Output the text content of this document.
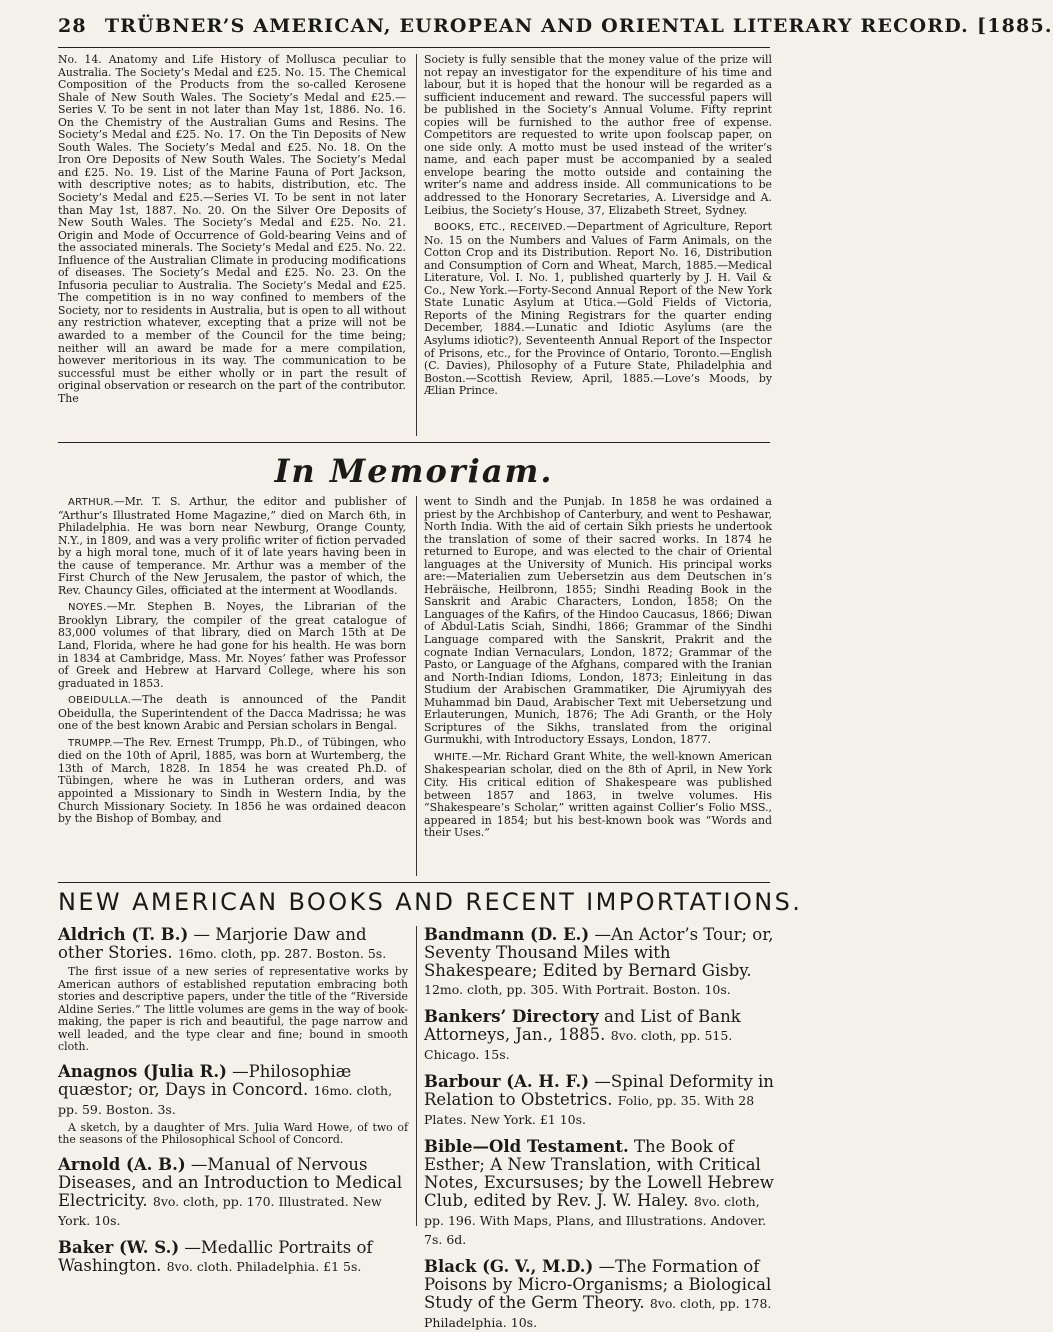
28 TRÜBNER’S AMERICAN, EUROPEAN AND ORIENTAL LITERARY RECORD. [1885.

No. 14. Anatomy and Life History of Mollusca peculiar to Australia. The Society’s Medal and £25. No. 15. The Chemical Composition of the Products from the so-called Kerosene Shale of New South Wales. The Society’s Medal and £25.—Series V. To be sent in not later than May 1st, 1886. No. 16. On the Chemistry of the Australian Gums and Resins. The Society’s Medal and £25. No. 17. On the Tin Deposits of New South Wales. The Society’s Medal and £25. No. 18. On the Iron Ore Deposits of New South Wales. The Society’s Medal and £25. No. 19. List of the Marine Fauna of Port Jackson, with descriptive notes; as to habits, distribution, etc. The Society’s Medal and £25.—Series VI. To be sent in not later than May 1st, 1887. No. 20. On the Silver Ore Deposits of New South Wales. The Society’s Medal and £25. No. 21. Origin and Mode of Occurrence of Gold-bearing Veins and of the associated minerals. The Society’s Medal and £25. No. 22. Influence of the Australian Climate in producing modifications of diseases. The Society’s Medal and £25. No. 23. On the Infusoria peculiar to Australia. The Society’s Medal and £25. The competition is in no way confined to members of the Society, nor to residents in Australia, but is open to all without any restriction whatever, excepting that a prize will not be awarded to a member of the Council for the time being; neither will an award be made for a mere compilation, however meritorious in its way. The communication to be successful must be either wholly or in part the result of original observation or research on the part of the contributor. The

Society is fully sensible that the money value of the prize will not repay an investigator for the expenditure of his time and labour, but it is hoped that the honour will be regarded as a sufficient inducement and reward. The successful papers will be published in the Society’s Annual Volume. Fifty reprint copies will be furnished to the author free of expense. Competitors are requested to write upon foolscap paper, on one side only. A motto must be used instead of the writer’s name, and each paper must be accompanied by a sealed envelope bearing the motto outside and containing the writer’s name and address inside. All communications to be addressed to the Honorary Secretaries, A. Liversidge and A. Leibius, the Society’s House, 37, Elizabeth Street, Sydney.

BOOKS, ETC., RECEIVED.—Department of Agriculture, Report No. 15 on the Numbers and Values of Farm Animals, on the Cotton Crop and its Distribution. Report No. 16, Distribution and Consumption of Corn and Wheat, March, 1885.—Medical Literature, Vol. I. No. 1, published quarterly by J. H. Vail & Co., New York.—Forty-Second Annual Report of the New York State Lunatic Asylum at Utica.—Gold Fields of Victoria, Reports of the Mining Registrars for the quarter ending December, 1884.—Lunatic and Idiotic Asylums (are the Asylums idiotic?), Seventeenth Annual Report of the Inspector of Prisons, etc., for the Province of Ontario, Toronto.—English (C. Davies), Philosophy of a Future State, Philadelphia and Boston.—Scottish Review, April, 1885.—Love’s Moods, by Ælian Prince.

In Memoriam.

ARTHUR.—Mr. T. S. Arthur, the editor and publisher of “Arthur’s Illustrated Home Magazine,” died on March 6th, in Philadelphia. He was born near Newburg, Orange County, N.Y., in 1809, and was a very prolific writer of fiction pervaded by a high moral tone, much of it of late years having been in the cause of temperance. Mr. Arthur was a member of the First Church of the New Jerusalem, the pastor of which, the Rev. Chauncy Giles, officiated at the interment at Woodlands.

NOYES.—Mr. Stephen B. Noyes, the Librarian of the Brooklyn Library, the compiler of the great catalogue of 83,000 volumes of that library, died on March 15th at De Land, Florida, where he had gone for his health. He was born in 1834 at Cambridge, Mass. Mr. Noyes’ father was Professor of Greek and Hebrew at Harvard College, where his son graduated in 1853.

OBEIDULLA.—The death is announced of the Pandit Obeidulla, the Superintendent of the Dacca Madrissa; he was one of the best known Arabic and Persian scholars in Bengal.

TRUMPP.—The Rev. Ernest Trumpp, Ph.D., of Tübingen, who died on the 10th of April, 1885, was born at Wurtemberg, the 13th of March, 1828. In 1854 he was created Ph.D. of Tübingen, where he was in Lutheran orders, and was appointed a Missionary to Sindh in Western India, by the Church Missionary Society. In 1856 he was ordained deacon by the Bishop of Bombay, and

went to Sindh and the Punjab. In 1858 he was ordained a priest by the Archbishop of Canterbury, and went to Peshawar, North India. With the aid of certain Sikh priests he undertook the translation of some of their sacred works. In 1874 he returned to Europe, and was elected to the chair of Oriental languages at the University of Munich. His principal works are:—Materialien zum Uebersetzin aus dem Deutschen in’s Hebräische, Heilbronn, 1855; Sindhi Reading Book in the Sanskrit and Arabic Characters, London, 1858; On the Languages of the Kafirs, of the Hindoo Caucasus, 1866; Diwan of Abdul-Latis Sciah, Sindhi, 1866; Grammar of the Sindhi Language compared with the Sanskrit, Prakrit and the cognate Indian Vernaculars, London, 1872; Grammar of the Pasto, or Language of the Afghans, compared with the Iranian and North-Indian Idioms, London, 1873; Einleitung in das Studium der Arabischen Grammatiker, Die Ajrumiyyah des Muhammad bin Daud, Arabischer Text mit Uebersetzung und Erlauterungen, Munich, 1876; The Adi Granth, or the Holy Scriptures of the Sikhs, translated from the original Gurmukhi, with Introductory Essays, London, 1877.

WHITE.—Mr. Richard Grant White, the well-known American Shakespearian scholar, died on the 8th of April, in New York City. His critical edition of Shakespeare was published between 1857 and 1863, in twelve volumes. His “Shakespeare’s Scholar,” written against Collier’s Folio MSS., appeared in 1854; but his best-known book was “Words and their Uses.”

NEW AMERICAN BOOKS AND RECENT IMPORTATIONS.
Aldrich (T. B.) — Marjorie Daw and other Stories. 16mo. cloth, pp. 287. Boston. 5s.
The first issue of a new series of representative works by American authors of established reputation embracing both stories and descriptive papers, under the title of the “Riverside Aldine Series.” The little volumes are gems in the way of book-making, the paper is rich and beautiful, the page narrow and well leaded, and the type clear and fine; bound in smooth cloth.
Anagnos (Julia R.) —Philosophiæ quæstor; or, Days in Concord. 16mo. cloth, pp. 59. Boston. 3s.
A sketch, by a daughter of Mrs. Julia Ward Howe, of two of the seasons of the Philosophical School of Concord.
Arnold (A. B.) —Manual of Nervous Diseases, and an Introduction to Medical Electricity. 8vo. cloth, pp. 170. Illustrated. New York. 10s.
Baker (W. S.) —Medallic Portraits of Washington. 8vo. cloth. Philadelphia. £1 5s.
Bandmann (D. E.) —An Actor’s Tour; or, Seventy Thousand Miles with Shakespeare; Edited by Bernard Gisby. 12mo. cloth, pp. 305. With Portrait. Boston. 10s.
Bankers’ Directory and List of Bank Attorneys, Jan., 1885. 8vo. cloth, pp. 515. Chicago. 15s.
Barbour (A. H. F.) —Spinal Deformity in Relation to Obstetrics. Folio, pp. 35. With 28 Plates. New York. £1 10s.
Bible—Old Testament. The Book of Esther; A New Translation, with Critical Notes, Excursuses; by the Lowell Hebrew Club, edited by Rev. J. W. Haley. 8vo. cloth, pp. 196. With Maps, Plans, and Illustrations. Andover. 7s. 6d.
Black (G. V., M.D.) —The Formation of Poisons by Micro-Organisms; a Biological Study of the Germ Theory. 8vo. cloth, pp. 178. Philadelphia. 10s.
